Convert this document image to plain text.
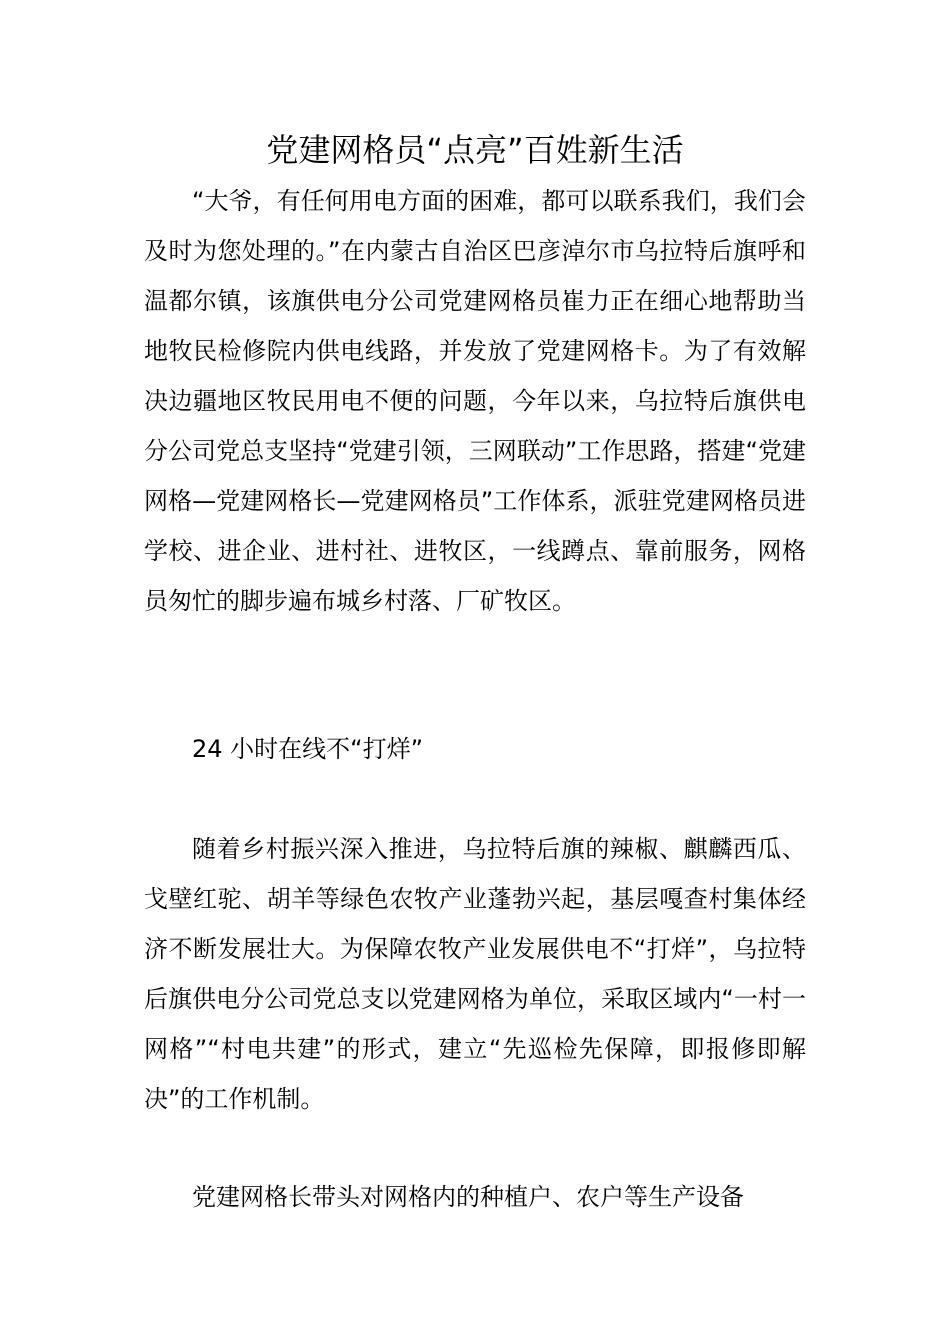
党建网格员“点亮”百姓新生活

“大爷，有任何用电方面的困难，都可以联系我们，我们会及时为您处理的。”在内蒙古自治区巴彦淖尔市乌拉特后旗呼和温都尔镇，该旗供电分公司党建网格员崔力正在细心地帮助当地牧民检修院内供电线路，并发放了党建网格卡。为了有效解决边疆地区牧民用电不便的问题，今年以来，乌拉特后旗供电分公司党总支坚持“党建引领，三网联动”工作思路，搭建“党建网格—党建网格长—党建网格员”工作体系，派驻党建网格员进学校、进企业、进村社、进牧区，一线蹲点、靠前服务，网格员匆忙的脚步遍布城乡村落、厂矿牧区。

24 小时在线不“打烊”

随着乡村振兴深入推进，乌拉特后旗的辣椒、麒麟西瓜、戈壁红驼、胡羊等绿色农牧产业蓬勃兴起，基层嘎查村集体经济不断发展壮大。为保障农牧产业发展供电不“打烊”，乌拉特后旗供电分公司党总支以党建网格为单位，采取区域内“一村一网格”“村电共建”的形式，建立“先巡检先保障，即报修即解决”的工作机制。

党建网格长带头对网格内的种植户、农户等生产设备
